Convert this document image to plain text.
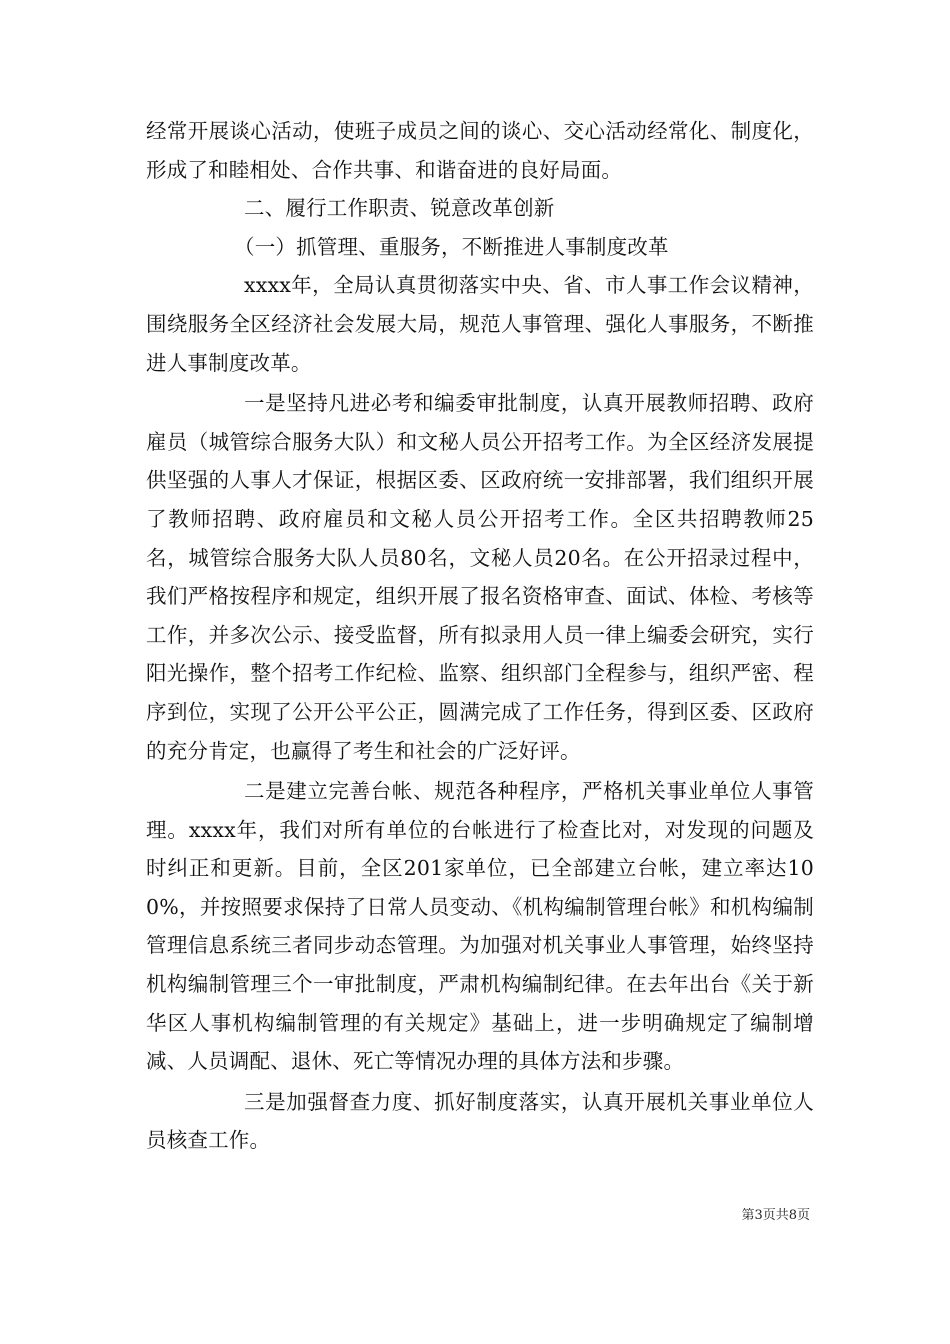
经常开展谈心活动，使班子成员之间的谈心、交心活动经常化、制度化，形成了和睦相处、合作共事、和谐奋进的良好局面。

二、履行工作职责、锐意改革创新

（一）抓管理、重服务，不断推进人事制度改革

xxxx年，全局认真贯彻落实中央、省、市人事工作会议精神，围绕服务全区经济社会发展大局，规范人事管理、强化人事服务，不断推进人事制度改革。

一是坚持凡进必考和编委审批制度，认真开展教师招聘、政府雇员（城管综合服务大队）和文秘人员公开招考工作。为全区经济发展提供坚强的人事人才保证，根据区委、区政府统一安排部署，我们组织开展了教师招聘、政府雇员和文秘人员公开招考工作。全区共招聘教师25名，城管综合服务大队人员80名，文秘人员20名。在公开招录过程中，我们严格按程序和规定，组织开展了报名资格审查、面试、体检、考核等工作，并多次公示、接受监督，所有拟录用人员一律上编委会研究，实行阳光操作，整个招考工作纪检、监察、组织部门全程参与，组织严密、程序到位，实现了公开公平公正，圆满完成了工作任务，得到区委、区政府的充分肯定，也赢得了考生和社会的广泛好评。

二是建立完善台帐、规范各种程序，严格机关事业单位人事管理。xxxx年，我们对所有单位的台帐进行了检查比对，对发现的问题及时纠正和更新。目前，全区201家单位，已全部建立台帐，建立率达100%，并按照要求保持了日常人员变动、《机构编制管理台帐》和机构编制管理信息系统三者同步动态管理。为加强对机关事业人事管理，始终坚持机构编制管理三个一审批制度，严肃机构编制纪律。在去年出台《关于新华区人事机构编制管理的有关规定》基础上，进一步明确规定了编制增减、人员调配、退休、死亡等情况办理的具体方法和步骤。

三是加强督查力度、抓好制度落实，认真开展机关事业单位人员核查工作。

第3页共8页
